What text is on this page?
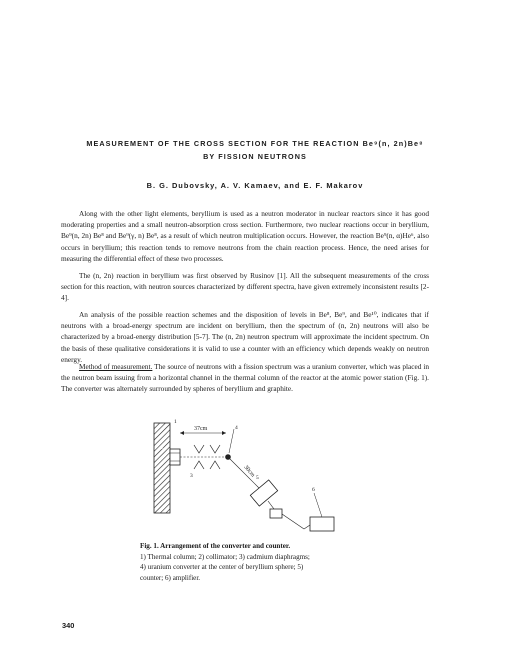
MEASUREMENT OF THE CROSS SECTION FOR THE REACTION Be⁹(n, 2n)Be⁸
BY FISSION NEUTRONS
B. G. Dubovsky, A. V. Kamaev, and E. F. Makarov

Along with the other light elements, beryllium is used as a neutron moderator in nuclear reactors since it has good moderating properties and a small neutron-absorption cross section. Furthermore, two nuclear reactions occur in beryllium, Be⁹(n, 2n) Be⁸ and Be⁹(γ, n) Be⁸, as a result of which neutron multiplication occurs. However, the reaction Be⁹(n, α)He⁶, also occurs in beryllium; this reaction tends to remove neutrons from the chain reaction process. Hence, the need arises for measuring the differential effect of these two processes.

The (n, 2n) reaction in beryllium was first observed by Rusinov [1]. All the subsequent measurements of the cross section for this reaction, with neutron sources characterized by different spectra, have given extremely inconsistent results [2-4].

An analysis of the possible reaction schemes and the disposition of levels in Be⁸, Be⁹, and Be¹⁰, indicates that if neutrons with a broad-energy spectrum are incident on beryllium, then the spectrum of (n, 2n) neutrons will also be characterized by a broad-energy distribution [5-7]. The (n, 2n) neutron spectrum will approximate the incident spectrum. On the basis of these qualitative considerations it is valid to use a counter with an efficiency which depends weakly on neutron energy.

Method of measurement. The source of neutrons with a fission spectrum was a uranium converter, which was placed in the neutron beam issuing from a horizontal channel in the thermal column of the reactor at the atomic power station (Fig. 1). The converter was alternately surrounded by spheres of beryllium and graphite.

37cm
30cm
1
2
3
4
5
6
Fig. 1. Arrangement of the converter and counter.
1) Thermal column; 2) collimator; 3) cadmium diaphragms;
4) uranium converter at the center of beryllium sphere; 5)
counter; 6) amplifier.
340
